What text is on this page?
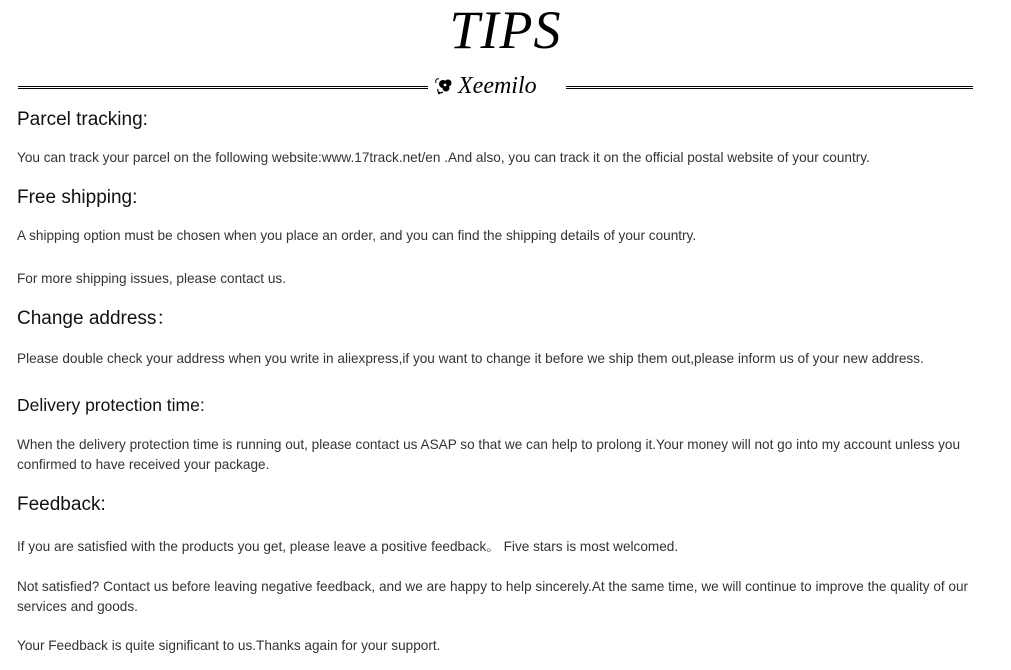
TIPS
Xeemilo
Parcel tracking:

You can track your parcel on the following website:www.17track.net/en .And also, you can track it on the official postal website of your country.

Free shipping:

A shipping option must be chosen when you place an order, and you can find the shipping details of your country.

For more shipping issues, please contact us.

Change address：

Please double check your address when you write in aliexpress,if you want to change it before we ship them out,please inform us of your new address.

Delivery protection time:

When the delivery protection time is running out, please contact us ASAP so that we can help to prolong it.Your money will not go into my account unless you confirmed to have received your package.

Feedback:

If you are satisfied with the products you get, please leave a positive feedback。 Five stars is most welcomed.

Not satisfied? Contact us before leaving negative feedback, and we are happy to help sincerely.At the same time, we will continue to improve the quality of our services and goods.

Your Feedback is quite significant to us.Thanks again for your support.
